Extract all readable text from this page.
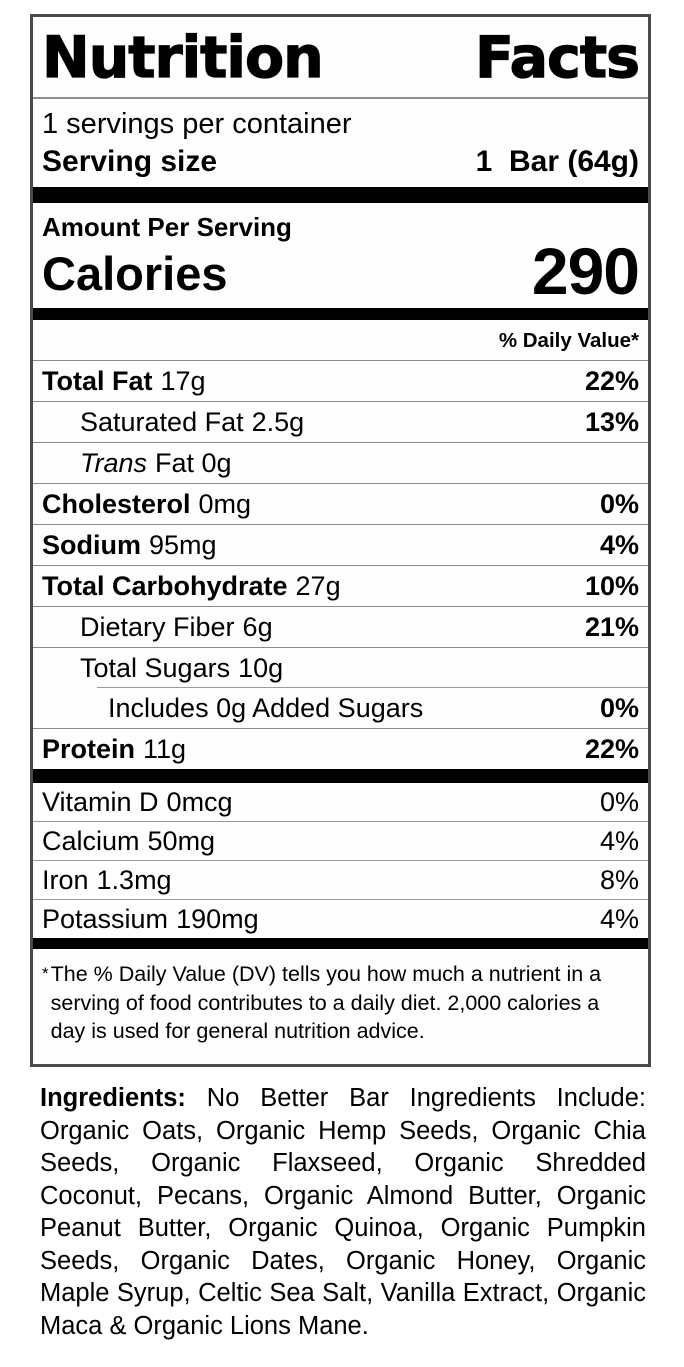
Nutrition	Facts
1 servings per container
Serving size	1  Bar (64g)
Amount Per Serving
Calories	290
% Daily Value*
Total Fat 17g	22%
Saturated Fat 2.5g	13%
Trans Fat 0g
Cholesterol 0mg	0%
Sodium 95mg	4%
Total Carbohydrate 27g	10%
Dietary Fiber 6g	21%
Total Sugars 10g
Includes 0g Added Sugars	0%
Protein 11g	22%
Vitamin D 0mcg	0%
Calcium 50mg	4%
Iron 1.3mg	8%
Potassium 190mg	4%
* The % Daily Value (DV) tells you how much a nutrient in a serving of food contributes to a daily diet. 2,000 calories a day is used for general nutrition advice.

Ingredients: No Better Bar Ingredients Include: Organic Oats, Organic Hemp Seeds, Organic Chia Seeds, Organic Flaxseed, Organic Shredded Coconut, Pecans, Organic Almond Butter, Organic Peanut Butter, Organic Quinoa, Organic Pumpkin Seeds, Organic Dates, Organic Honey, Organic Maple Syrup, Celtic Sea Salt, Vanilla Extract, Organic Maca & Organic Lions Mane.
